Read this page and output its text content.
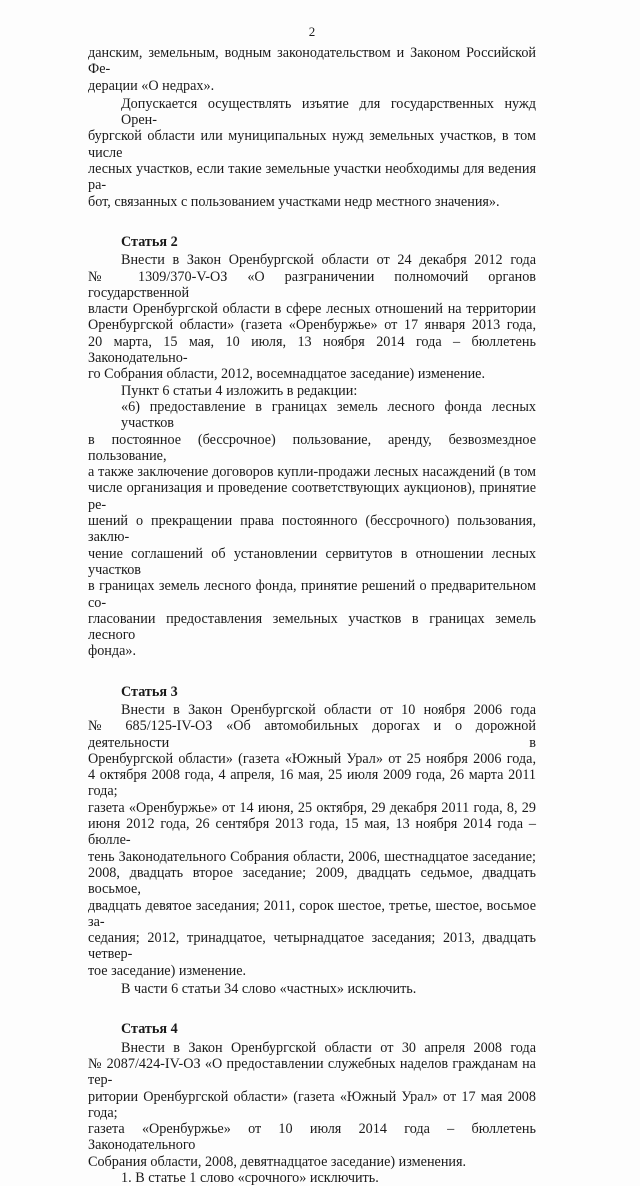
2
данским, земельным, водным законодательством и Законом Российской Фе-
дерации «О недрах».
Допускается осуществлять изъятие для государственных нужд Орен-
бургской области или муниципальных нужд земельных участков, в том числе
лесных участков, если такие земельные участки необходимы для ведения ра-
бот, связанных с пользованием участками недр местного значения».
Статья 2
Внести в Закон Оренбургской области от 24 декабря 2012 года
№ 1309/370-V-ОЗ «О разграничении полномочий органов государственной
власти Оренбургской области в сфере лесных отношений на территории
Оренбургской области» (газета «Оренбуржье» от 17 января 2013 года,
20 марта, 15 мая, 10 июля, 13 ноября 2014 года – бюллетень Законодательно-
го Собрания области, 2012, восемнадцатое заседание) изменение.
Пункт 6 статьи 4 изложить в редакции:
«6) предоставление в границах земель лесного фонда лесных участков
в постоянное (бессрочное) пользование, аренду, безвозмездное пользование,
а также заключение договоров купли-продажи лесных насаждений (в том
числе организация и проведение соответствующих аукционов), принятие ре-
шений о прекращении права постоянного (бессрочного) пользования, заклю-
чение соглашений об установлении сервитутов в отношении лесных участков
в границах земель лесного фонда, принятие решений о предварительном со-
гласовании предоставления земельных участков в границах земель лесного
фонда».
Статья 3
Внести в Закон Оренбургской области от 10 ноября 2006 года
№ 685/125-IV-ОЗ «Об автомобильных дорогах и о дорожной деятельности в
Оренбургской области» (газета «Южный Урал» от 25 ноября 2006 года,
4 октября 2008 года, 4 апреля, 16 мая, 25 июля 2009 года, 26 марта 2011 года;
газета «Оренбуржье» от 14 июня, 25 октября, 29 декабря 2011 года, 8, 29
июня 2012 года, 26 сентября 2013 года, 15 мая, 13 ноября 2014 года – бюлле-
тень Законодательного Собрания области, 2006, шестнадцатое заседание;
2008, двадцать второе заседание; 2009, двадцать седьмое, двадцать восьмое,
двадцать девятое заседания; 2011, сорок шестое, третье, шестое, восьмое за-
седания; 2012, тринадцатое, четырнадцатое заседания; 2013, двадцать четвер-
тое заседание) изменение.
В части 6 статьи 34 слово «частных» исключить.
Статья 4
Внести в Закон Оренбургской области от 30 апреля 2008 года
№ 2087/424-IV-ОЗ «О предоставлении служебных наделов гражданам на тер-
ритории Оренбургской области» (газета «Южный Урал» от 17 мая 2008 года;
газета «Оренбуржье» от 10 июля 2014 года – бюллетень Законодательного
Собрания области, 2008, девятнадцатое заседание) изменения.
1. В статье 1 слово «срочного» исключить.
